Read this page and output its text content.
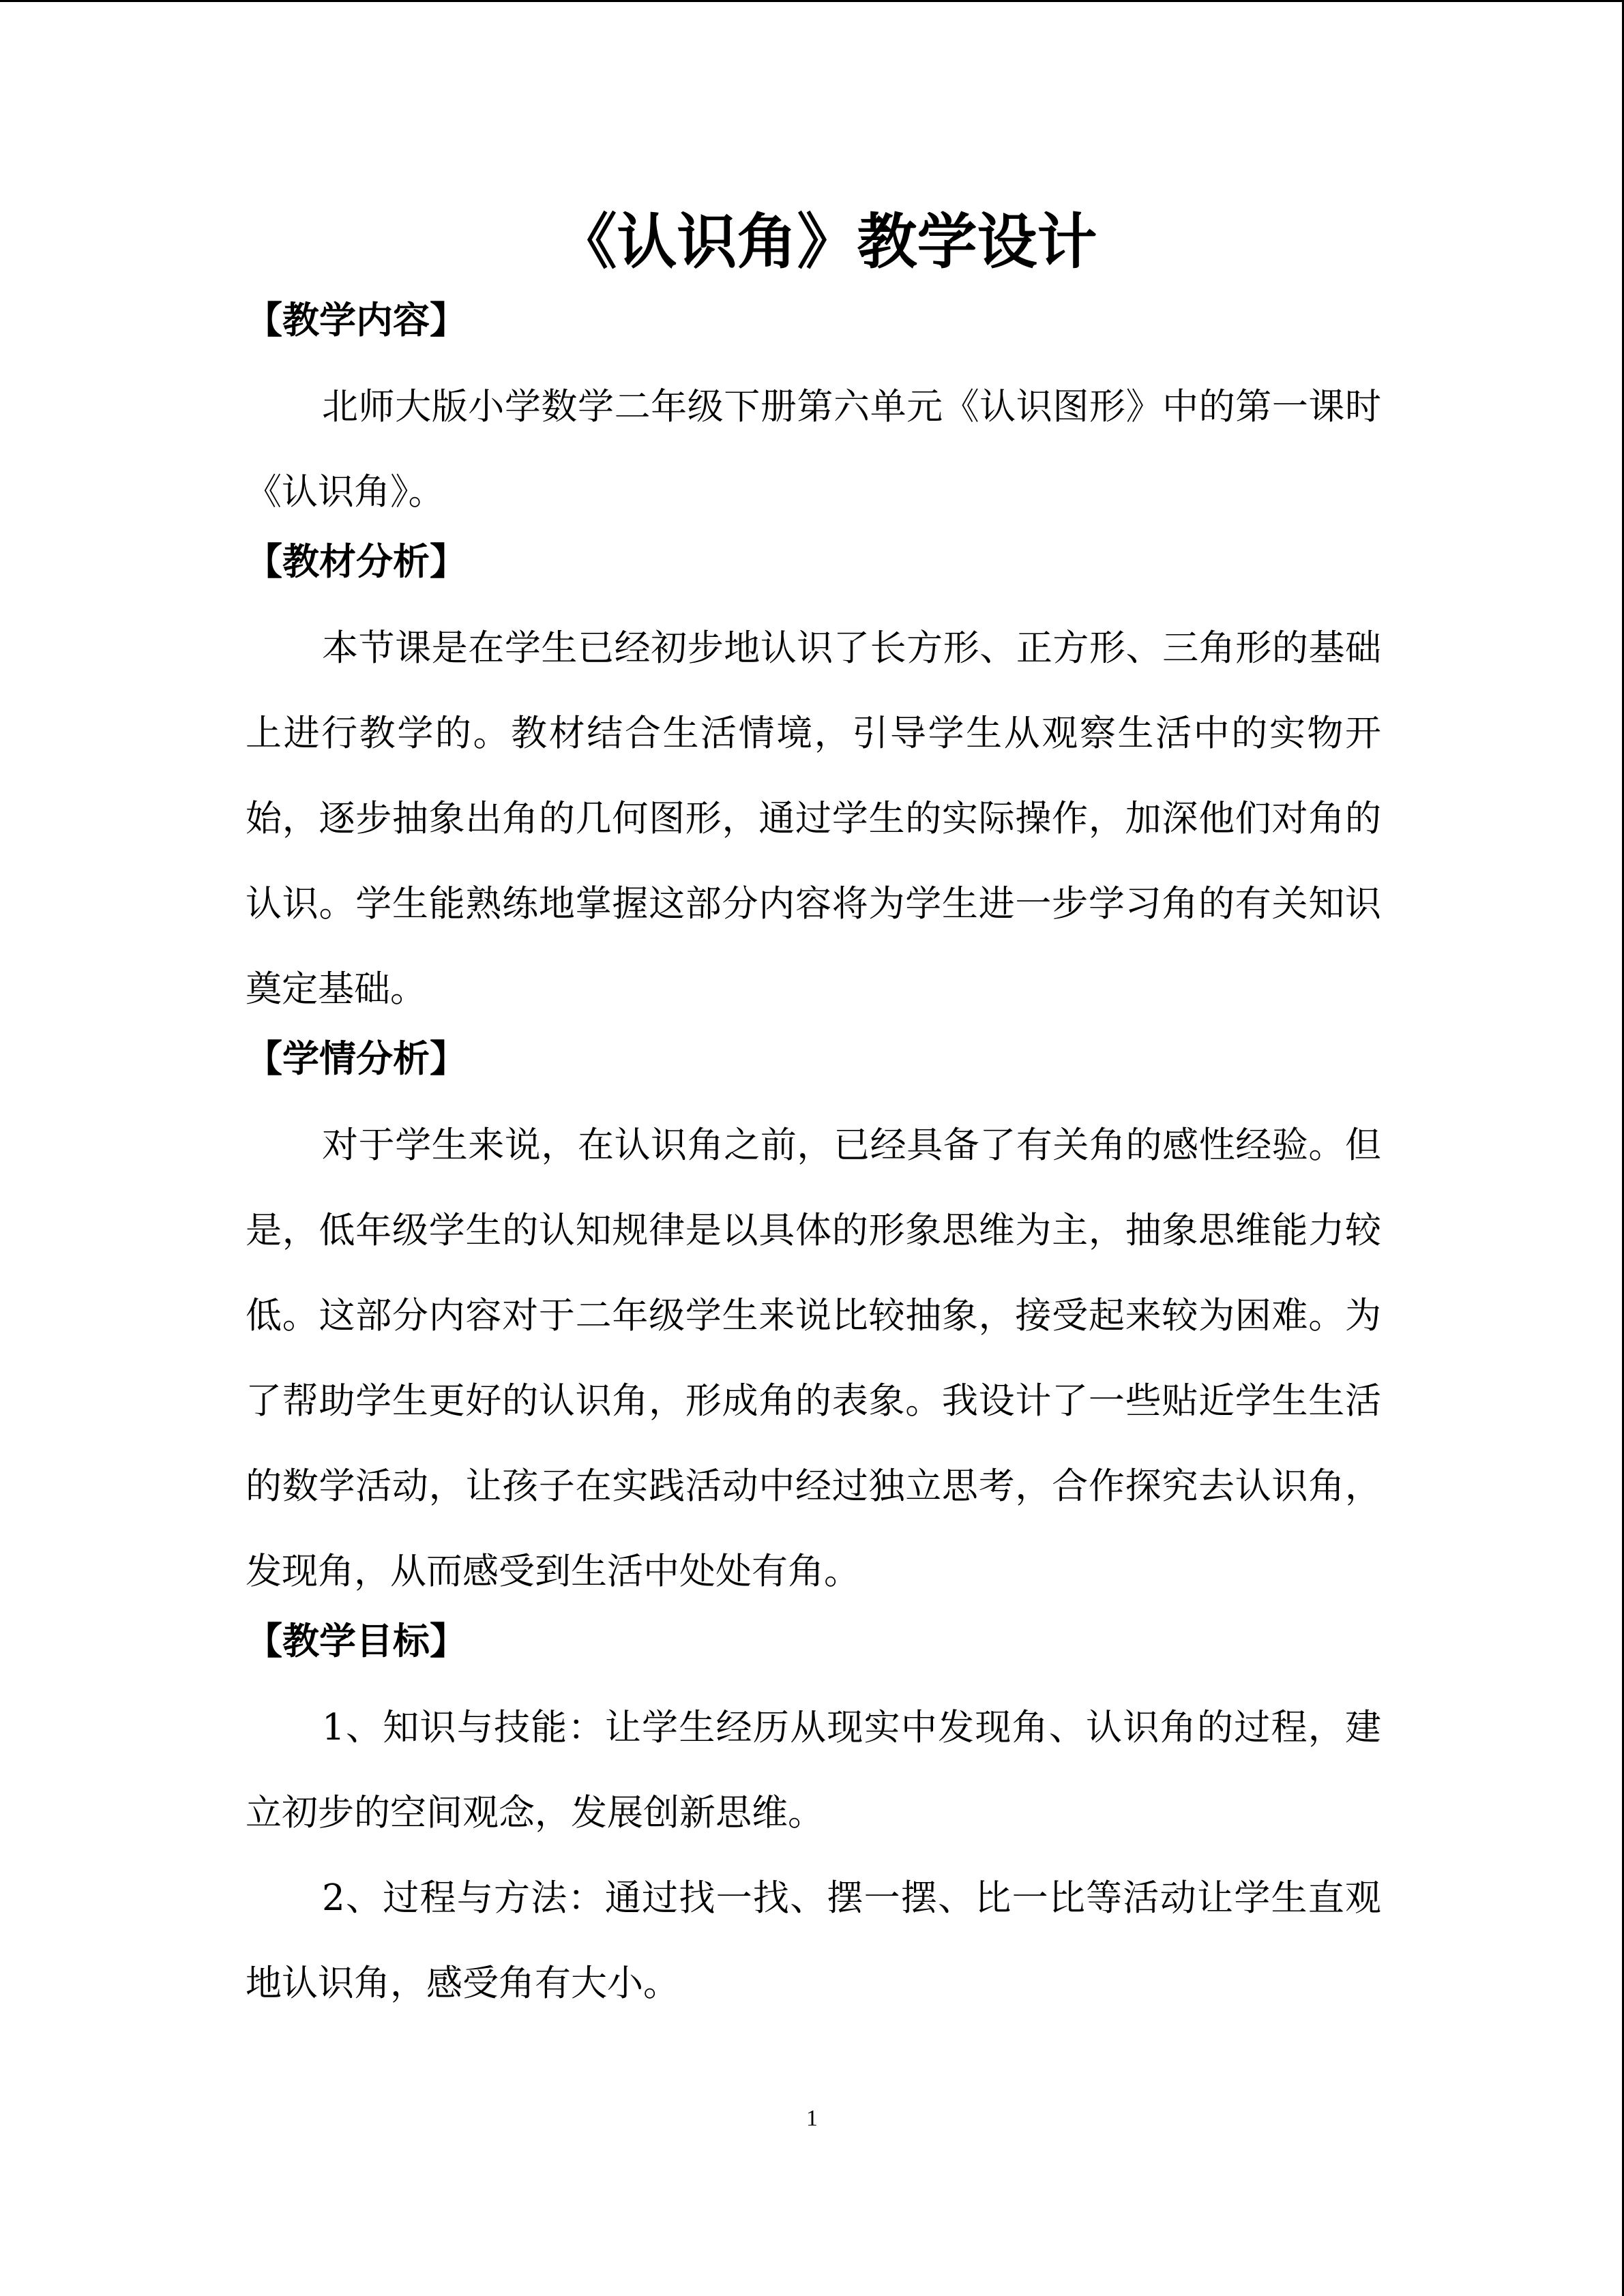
《认识角》教学设计
【教学内容】

北师大版小学数学二年级下册第六单元《认识图形》中的第一课时《认识角》。

【教材分析】

本节课是在学生已经初步地认识了长方形、正方形、三角形的基础上进行教学的。教材结合生活情境，引导学生从观察生活中的实物开始，逐步抽象出角的几何图形，通过学生的实际操作，加深他们对角的认识。学生能熟练地掌握这部分内容将为学生进一步学习角的有关知识奠定基础。

【学情分析】

对于学生来说，在认识角之前，已经具备了有关角的感性经验。但是，低年级学生的认知规律是以具体的形象思维为主，抽象思维能力较低。这部分内容对于二年级学生来说比较抽象，接受起来较为困难。为了帮助学生更好的认识角，形成角的表象。我设计了一些贴近学生生活的数学活动，让孩子在实践活动中经过独立思考，合作探究去认识角，发现角，从而感受到生活中处处有角。

【教学目标】

1、知识与技能：让学生经历从现实中发现角、认识角的过程，建立初步的空间观念，发展创新思维。

2、过程与方法：通过找一找、摆一摆、比一比等活动让学生直观地认识角，感受角有大小。

1
